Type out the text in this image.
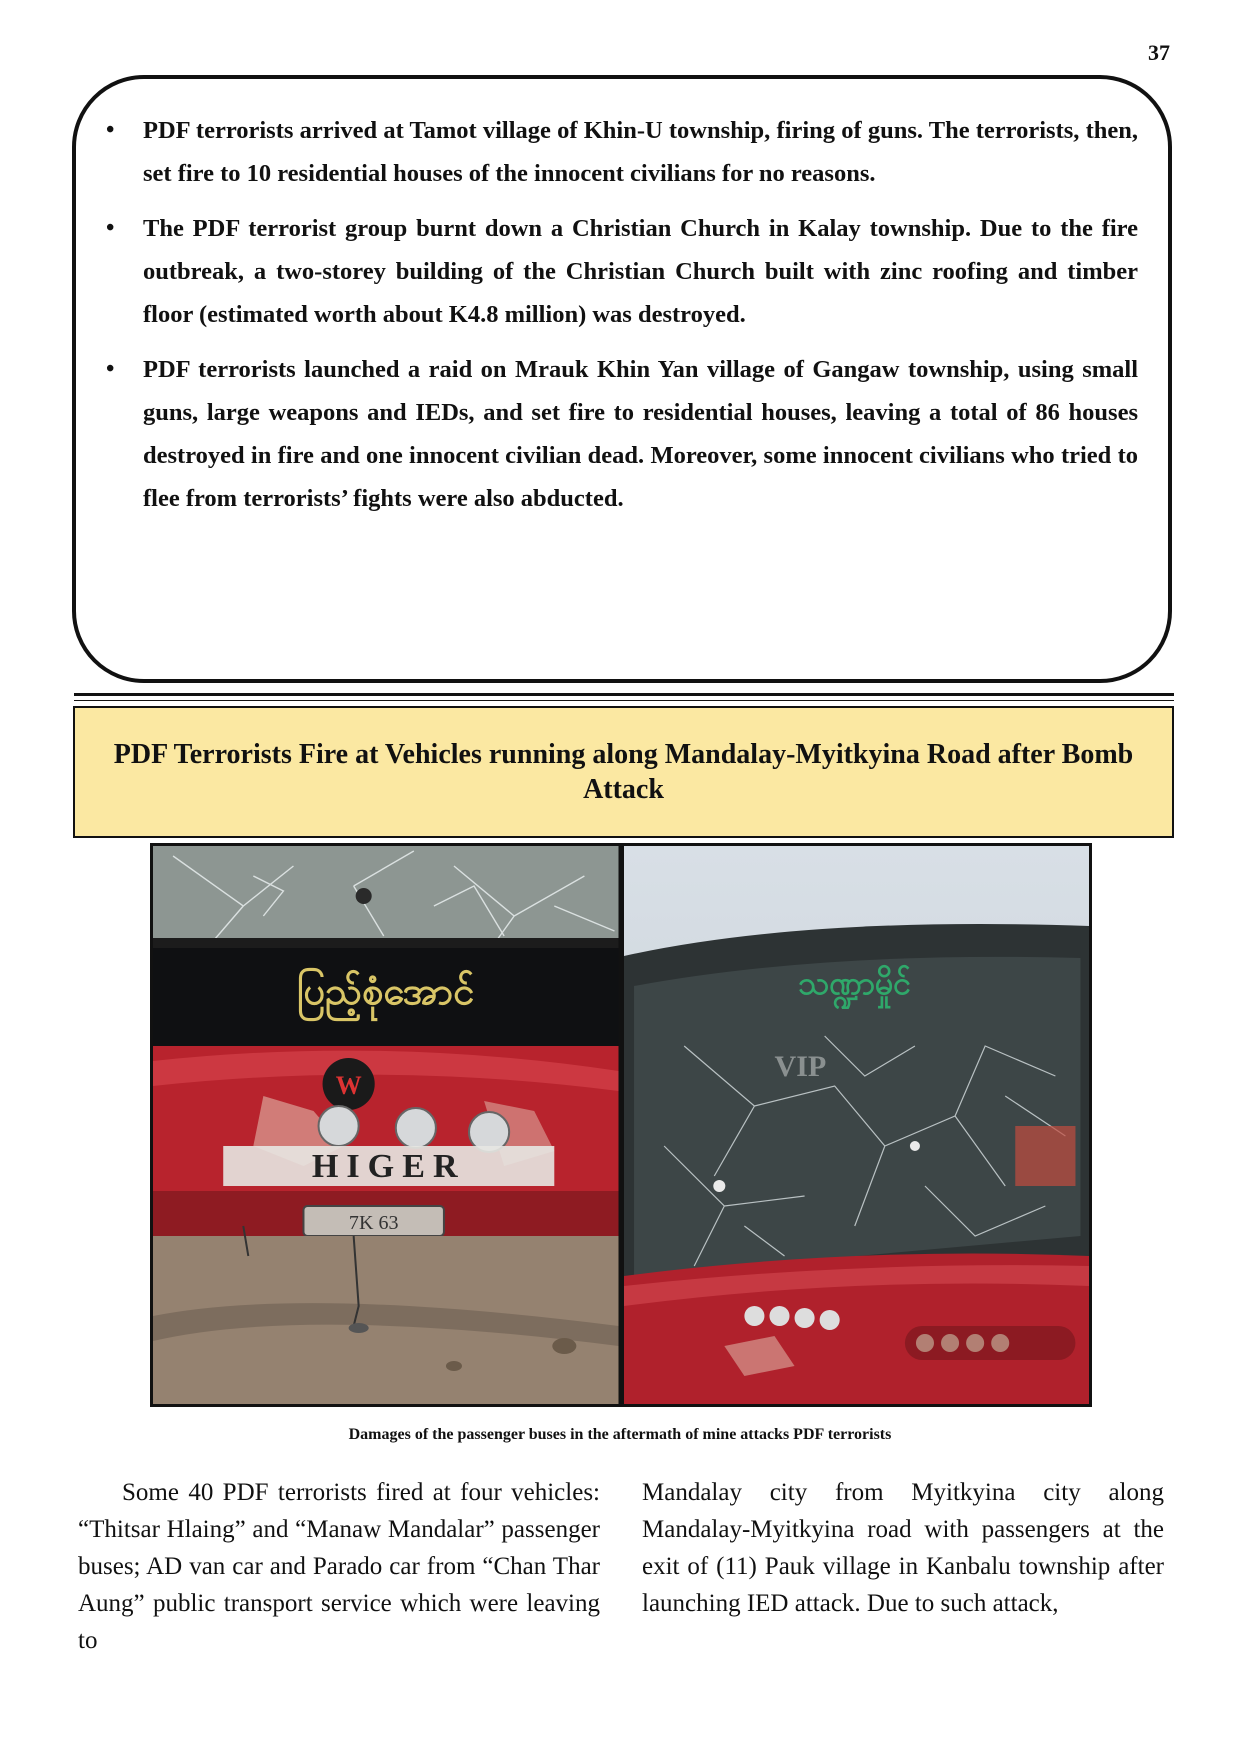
37
• PDF terrorists arrived at Tamot village of Khin-U township, firing of guns. The terrorists, then, set fire to 10 residential houses of the innocent civilians for no reasons.
• The PDF terrorist group burnt down a Christian Church in Kalay township. Due to the fire outbreak, a two-storey building of the Christian Church built with zinc roofing and timber floor (estimated worth about K4.8 million) was destroyed.
• PDF terrorists launched a raid on Mrauk Khin Yan village of Gangaw township, using small guns, large weapons and IEDs, and set fire to residential houses, leaving a total of 86 houses destroyed in fire and one innocent civilian dead. Moreover, some innocent civilians who tried to flee from terrorists’ fights were also abducted.
PDF Terrorists Fire at Vehicles running along Mandalay-Myitkyina Road after Bomb Attack
ပြည့်စုံအောင်
W
HIGER
7K 63
သဏ္ဍာမှိုင်
VIP
Damages of the passenger buses in the aftermath of mine attacks PDF terrorists

Some 40 PDF terrorists fired at four vehicles: “Thitsar Hlaing” and “Manaw Mandalar” passenger buses; AD van car and Parado car from “Chan Thar Aung” public transport service which were leaving to

Mandalay city from Myitkyina city along Mandalay-Myitkyina road with passengers at the exit of (11) Pauk village in Kanbalu township after launching IED attack. Due to such attack,
